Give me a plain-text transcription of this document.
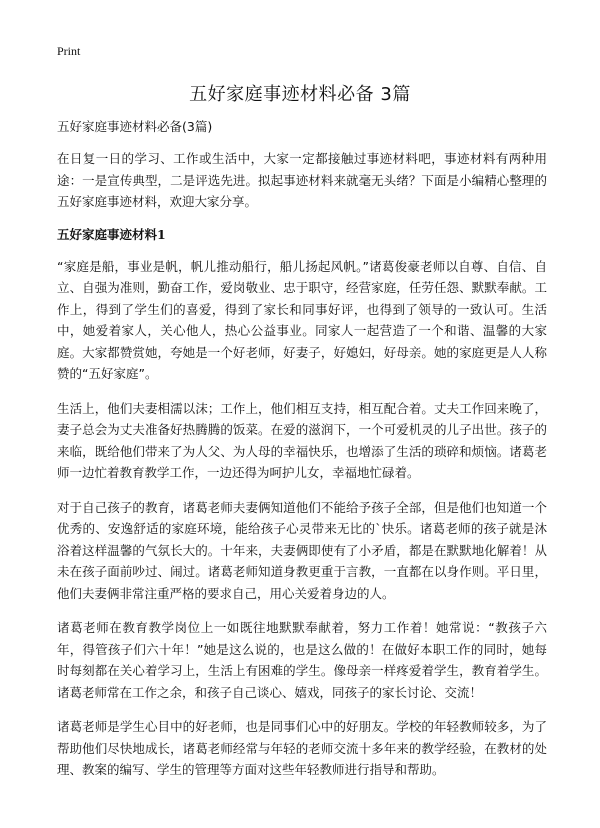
Print
五好家庭事迹材料必备 3篇

五好家庭事迹材料必备(3篇)

在日复一日的学习、工作或生活中，大家一定都接触过事迹材料吧，事迹材料有两种用途：一是宣传典型，二是评选先进。拟起事迹材料来就毫无头绪？下面是小编精心整理的五好家庭事迹材料，欢迎大家分享。

五好家庭事迹材料1

“家庭是船，事业是帆，帆儿推动船行，船儿扬起风帆。”诸葛俊豪老师以自尊、自信、自立、自强为准则，勤奋工作，爱岗敬业、忠于职守，经营家庭，任劳任怨、默默奉献。工作上，得到了学生们的喜爱，得到了家长和同事好评，也得到了领导的一致认可。生活中，她爱着家人，关心他人，热心公益事业。同家人一起营造了一个和谐、温馨的大家庭。大家都赞赏她，夸她是一个好老师，好妻子，好媳妇，好母亲。她的家庭更是人人称赞的“五好家庭”。

生活上，他们夫妻相濡以沫；工作上，他们相互支持，相互配合着。丈夫工作回来晚了，妻子总会为丈夫准备好热腾腾的饭菜。在爱的滋润下，一个可爱机灵的儿子出世。孩子的来临，既给他们带来了为人父、为人母的幸福快乐，也增添了生活的琐碎和烦恼。诸葛老师一边忙着教育教学工作，一边还得为呵护儿女，幸福地忙碌着。

对于自己孩子的教育，诸葛老师夫妻俩知道他们不能给予孩子全部，但是他们也知道一个优秀的、安逸舒适的家庭环境，能给孩子心灵带来无比的`快乐。诸葛老师的孩子就是沐浴着这样温馨的气氛长大的。十年来，夫妻俩即使有了小矛盾，都是在默默地化解着！从未在孩子面前吵过、闹过。诸葛老师知道身教更重于言教，一直都在以身作则。平日里，他们夫妻俩非常注重严格的要求自己，用心关爱着身边的人。

诸葛老师在教育教学岗位上一如既往地默默奉献着，努力工作着！她常说：“教孩子六年，得管孩子们六十年！”她是这么说的，也是这么做的！在做好本职工作的同时，她每时每刻都在关心着学习上，生活上有困难的学生。像母亲一样疼爱着学生，教育着学生。诸葛老师常在工作之余，和孩子自己谈心、嬉戏，同孩子的家长讨论、交流！

诸葛老师是学生心目中的好老师，也是同事们心中的好朋友。学校的年轻教师较多，为了帮助他们尽快地成长，诸葛老师经常与年轻的老师交流十多年来的教学经验，在教材的处理、教案的编写、学生的管理等方面对这些年轻教师进行指导和帮助。
